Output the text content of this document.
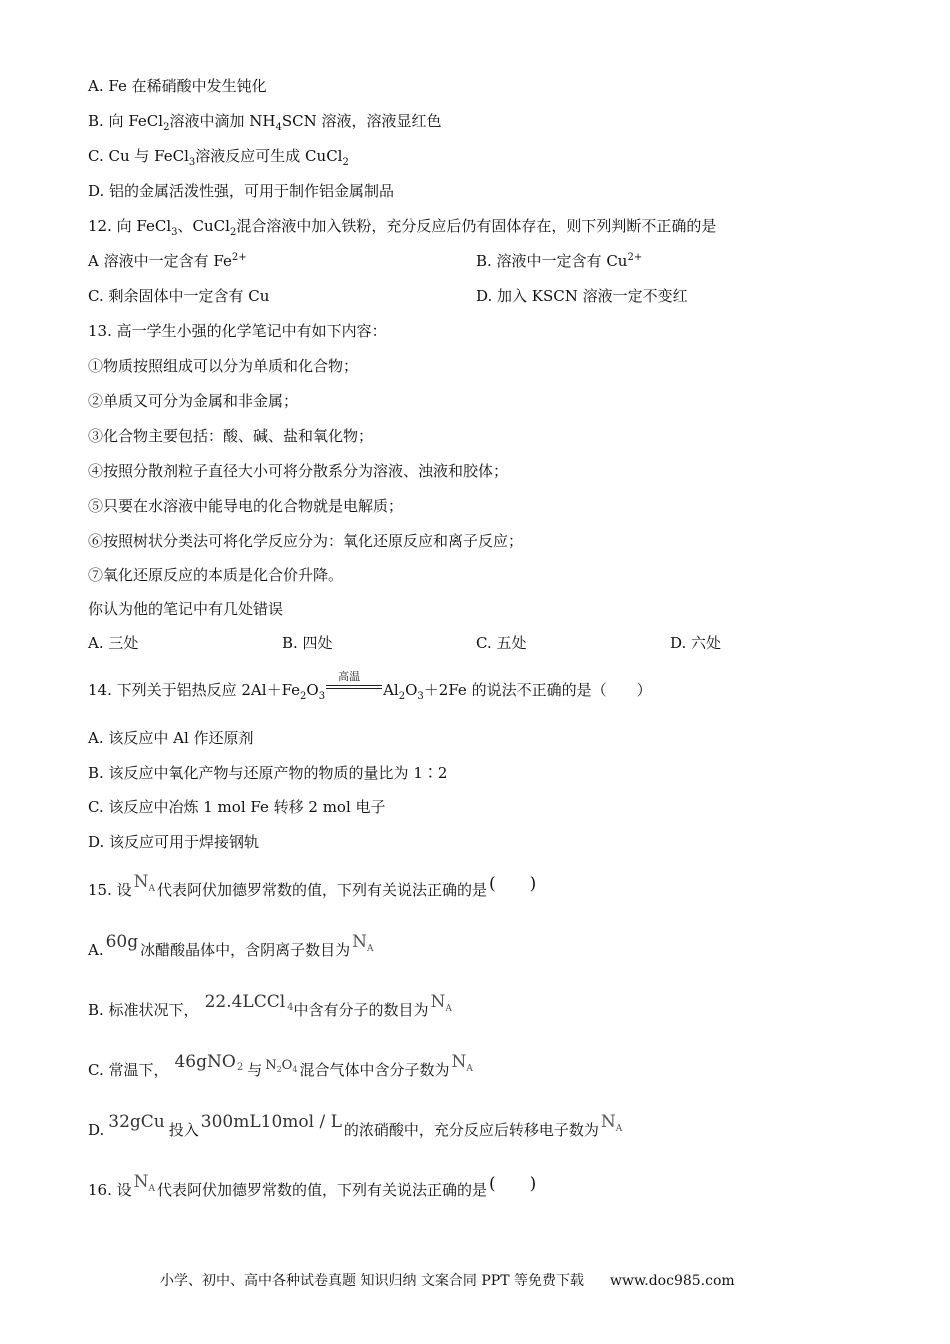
A. Fe 在稀硝酸中发生钝化
B. 向 FeCl$_2$溶液中滴加 $NH_4SCN$ 溶液，溶液显红色
C. Cu 与 FeCl$_3$溶液反应可生成 CuCl$_2$
D. 铝的金属活泼性强，可用于制作铝金属制品
12. 向 FeCl$_3$、CuCl$_2$混合溶液中加入铁粉，充分反应后仍有固体存在，则下列判断不正确的是
A 溶液中一定含有 $Fe^{2+}$	B. 溶液中一定含有 $Cu^{2+}$
C. 剩余固体中一定含有 Cu	D. 加入 KSCN 溶液一定不变红
13. 高一学生小强的化学笔记中有如下内容：
①物质按照组成可以分为单质和化合物；
②单质又可分为金属和非金属；
③化合物主要包括：酸、碱、盐和氧化物；
④按照分散剂粒子直径大小可将分散系分为溶液、浊液和胶体；
⑤只要在水溶液中能导电的化合物就是电解质；
⑥按照树状分类法可将化学反应分为：氧化还原反应和离子反应；
⑦氧化还原反应的本质是化合价升降。
你认为他的笔记中有几处错误
A. 三处	B. 四处	C. 五处	D. 六处
14. 下列关于铝热反应 $2Al+Fe_2O_3$
高温
$Al_2O_3+2Fe$ 的说法不正确的是（　　）
A. 该反应中 Al 作还原剂
B. 该反应中氧化产物与还原产物的物质的量比为 1∶2
C. 该反应中冶炼 1 mol Fe 转移 2 mol 电子
D. 该反应可用于焊接钢轨
15. 设 $N^A$ 代表阿伏加德罗常数的值，下列有关说法正确的是 (　　)
A. 60g 冰醋酸晶体中，含阴离子数目为 $N^A$
B. 标准状况下， 22.4LCCl $^4$中含有分子的数目为 $N^A$
C. 常温下， 46gNO$^2$ 与 $N^2O^4$ 混合气体中含分子数为 $N^A$
D. 32gCu 投入 300mL10mol / L 的浓硝酸中，充分反应后转移电子数为 $N^A$
16. 设 $N^A$ 代表阿伏加德罗常数的值，下列有关说法正确的是 (　　)
小学、初中、高中各种试卷真题 知识归纳 文案合同 PPT 等免费下载 www.doc985.com
